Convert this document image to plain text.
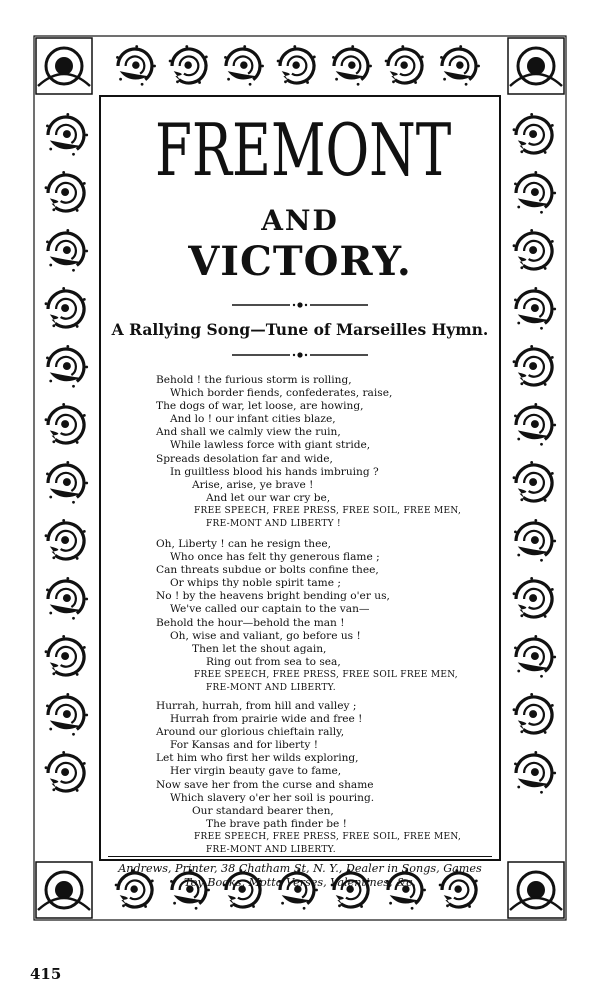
FREMONT
AND
VICTORY.
A Rallying Song—Tune of Marseilles Hymn.
Behold ! the furious storm is rolling,
Which border fiends, confederates, raise,
The dogs of war, let loose, are howing,
And lo ! our infant cities blaze,
And shall we calmly view the ruin,
While lawless force with giant stride,
Spreads desolation far and wide,
In guiltless blood his hands imbruing ?
Arise, arise, ye brave !
And let our war cry be,
FREE SPEECH, FREE PRESS, FREE SOIL, FREE MEN,
FRE-MONT AND LIBERTY !
Oh, Liberty ! can he resign thee,
Who once has felt thy generous flame ;
Can threats subdue or bolts confine thee,
Or whips thy noble spirit tame ;
No ! by the heavens bright bending o'er us,
We've called our captain to the van—
Behold the hour—behold the man !
Oh, wise and valiant, go before us !
Then let the shout again,
Ring out from sea to sea,
FREE SPEECH, FREE PRESS, FREE SOIL FREE MEN,
FRE-MONT AND LIBERTY.
Hurrah, hurrah, from hill and valley ;
Hurrah from prairie wide and free !
Around our glorious chieftain rally,
For Kansas and for liberty !
Let him who first her wilds exploring,
Her virgin beauty gave to fame,
Now save her from the curse and shame
Which slavery o'er her soil is pouring.
Our standard bearer then,
The brave path finder be !
FREE SPEECH, FREE PRESS, FREE SOIL, FREE MEN,
FRE-MONT AND LIBERTY.
Andrews, Printer, 38 Chatham St, N. Y., Dealer in Songs, Games
Toy Books, Motto Verses, Valentines, &c.
415
